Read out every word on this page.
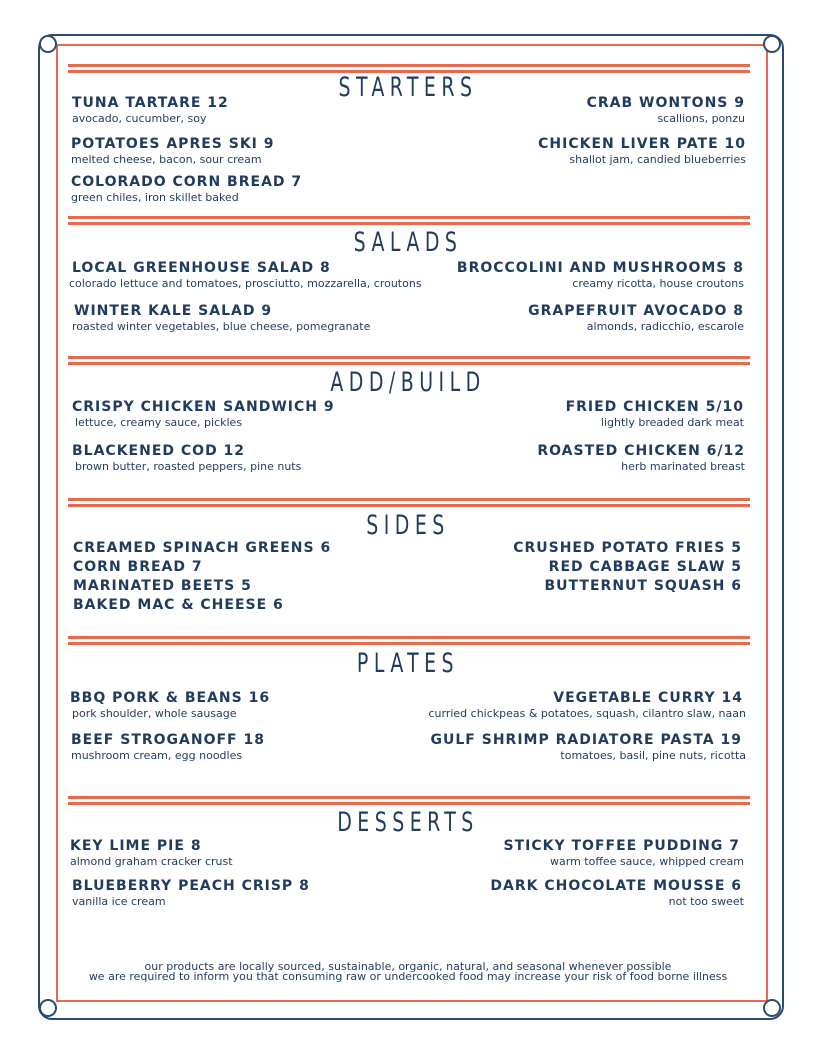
STARTERS
TUNA TARTARE 12
avocado, cucumber, soy
POTATOES APRES SKI 9
melted cheese, bacon, sour cream
COLORADO CORN BREAD 7
green chiles, iron skillet baked
CRAB WONTONS 9
scallions, ponzu
CHICKEN LIVER PATE 10
shallot jam, candied blueberries
SALADS
LOCAL GREENHOUSE SALAD 8
colorado lettuce and tomatoes, prosciutto, mozzarella, croutons
WINTER KALE SALAD 9
roasted winter vegetables, blue cheese, pomegranate
BROCCOLINI AND MUSHROOMS 8
creamy ricotta, house croutons
GRAPEFRUIT AVOCADO 8
almonds, radicchio, escarole
ADD/BUILD
CRISPY CHICKEN SANDWICH 9
lettuce, creamy sauce, pickles
BLACKENED COD 12
brown butter, roasted peppers, pine nuts
FRIED CHICKEN 5/10
lightly breaded dark meat
ROASTED CHICKEN 6/12
herb marinated breast
SIDES
CREAMED SPINACH GREENS 6
CORN BREAD 7
MARINATED BEETS 5
BAKED MAC & CHEESE 6
CRUSHED POTATO FRIES 5
RED CABBAGE SLAW 5
BUTTERNUT SQUASH 6
PLATES
BBQ PORK & BEANS 16
pork shoulder, whole sausage
BEEF STROGANOFF 18
mushroom cream, egg noodles
VEGETABLE CURRY 14
curried chickpeas & potatoes, squash, cilantro slaw, naan
GULF SHRIMP RADIATORE PASTA 19
tomatoes, basil, pine nuts, ricotta
DESSERTS
KEY LIME PIE 8
almond graham cracker crust
BLUEBERRY PEACH CRISP 8
vanilla ice cream
STICKY TOFFEE PUDDING 7
warm toffee sauce, whipped cream
DARK CHOCOLATE MOUSSE 6
not too sweet
our products are locally sourced, sustainable, organic, natural, and seasonal whenever possible
we are required to inform you that consuming raw or undercooked food may increase your risk of food borne illness
